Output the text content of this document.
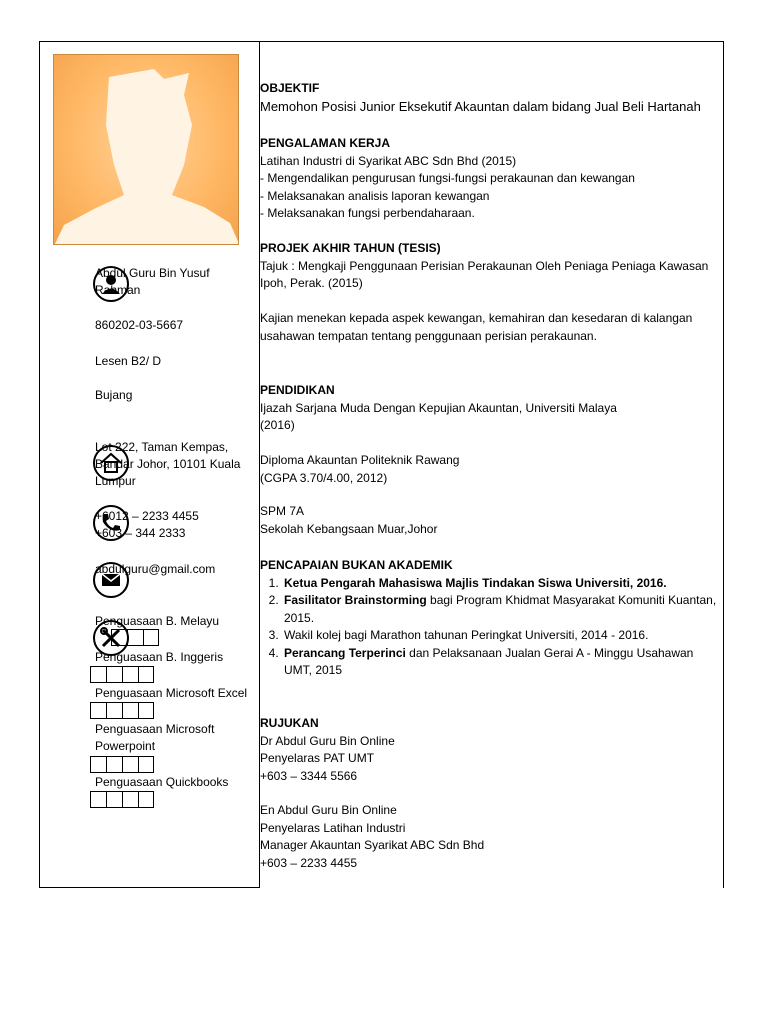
Abdul Guru Bin Yusuf Rahman
860202-03-5667
Lesen B2/ D
Bujang
Lot 222, Taman Kempas, Bandar Johor, 10101 Kuala Lumpur
+6012 – 2233 4455
+603 – 344 2333
abdulguru@gmail.com
Penguasaan B. Melayu
Penguasaan B. Inggeris
Penguasaan Microsoft Excel
Penguasaan Microsoft Powerpoint
Penguasaan Quickbooks
OBJEKTIF
Memohon Posisi Junior Eksekutif Akauntan dalam bidang Jual Beli Hartanah
PENGALAMAN KERJA
Latihan Industri di Syarikat ABC Sdn Bhd (2015)
- Mengendalikan pengurusan fungsi-fungsi perakaunan dan kewangan
- Melaksanakan analisis laporan kewangan
- Melaksanakan fungsi perbendaharaan.
PROJEK AKHIR TAHUN (TESIS)
Tajuk : Mengkaji Penggunaan Perisian Perakaunan Oleh Peniaga Peniaga Kawasan Ipoh, Perak. (2015)
Kajian menekan kepada aspek kewangan, kemahiran dan kesedaran di kalangan usahawan tempatan tentang penggunaan perisian perakaunan.
PENDIDIKAN
Ijazah Sarjana Muda Dengan Kepujian Akauntan, Universiti Malaya
(2016)
Diploma Akauntan Politeknik Rawang
(CGPA 3.70/4.00, 2012)
SPM 7A
Sekolah Kebangsaan Muar,Johor
PENCAPAIAN BUKAN AKADEMIK
1. Ketua Pengarah Mahasiswa Majlis Tindakan Siswa Universiti, 2016.
2. Fasilitator Brainstorming bagi Program Khidmat Masyarakat Komuniti Kuantan, 2015.
3. Wakil kolej bagi Marathon tahunan Peringkat Universiti, 2014 - 2016.
4. Perancang Terperinci dan Pelaksanaan Jualan Gerai A - Minggu Usahawan UMT, 2015
RUJUKAN
Dr Abdul Guru Bin Online
Penyelaras PAT UMT
+603 – 3344 5566
En Abdul Guru Bin Online
Penyelaras Latihan Industri
Manager Akauntan Syarikat ABC Sdn Bhd
+603 – 2233 4455
